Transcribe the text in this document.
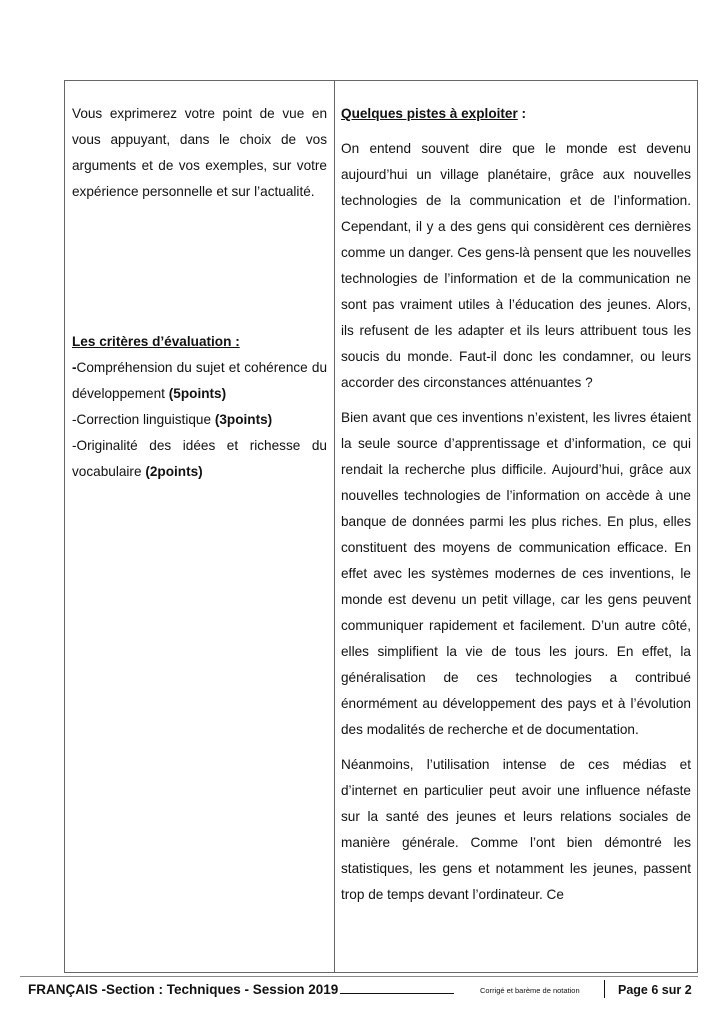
Vous exprimerez votre point de vue en vous appuyant, dans le choix de vos arguments et de vos exemples, sur votre expérience personnelle et sur l’actualité.

Les critères d’évaluation :

-Compréhension du sujet et cohérence du développement (5points)

-Correction linguistique (3points)

-Originalité des idées et richesse du vocabulaire (2points)

Quelques pistes à exploiter :

On entend souvent dire que le monde est devenu aujourd’hui un village planétaire, grâce aux nouvelles technologies de la communication et de l’information. Cependant, il y a des gens qui considèrent ces dernières comme un danger. Ces gens-là pensent que les nouvelles technologies de l’information et de la communication ne sont pas vraiment utiles à l’éducation des jeunes. Alors, ils refusent de les adapter et ils leurs attribuent tous les soucis du monde. Faut-il donc les condamner, ou leurs accorder des circonstances atténuantes ?

Bien avant que ces inventions n’existent, les livres étaient la seule source d’apprentissage et d’information, ce qui rendait la recherche plus difficile. Aujourd’hui, grâce aux nouvelles technologies de l’information on accède à une banque de données parmi les plus riches. En plus, elles constituent des moyens de communication efficace. En effet avec les systèmes modernes de ces inventions, le monde est devenu un petit village, car les gens peuvent communiquer rapidement et facilement. D’un autre côté, elles simplifient la vie de tous les jours. En effet, la généralisation de ces technologies a contribué énormément au développement des pays et à l’évolution des modalités de recherche et de documentation.

Néanmoins, l’utilisation intense de ces médias et d’internet en particulier peut avoir une influence néfaste sur la santé des jeunes et leurs relations sociales de manière générale. Comme l’ont bien démontré les statistiques, les gens et notamment les jeunes, passent trop de temps devant l’ordinateur. Ce

FRANÇAIS -Section : Techniques - Session 2019	Corrigé et barème de notation	Page 6 sur 2
